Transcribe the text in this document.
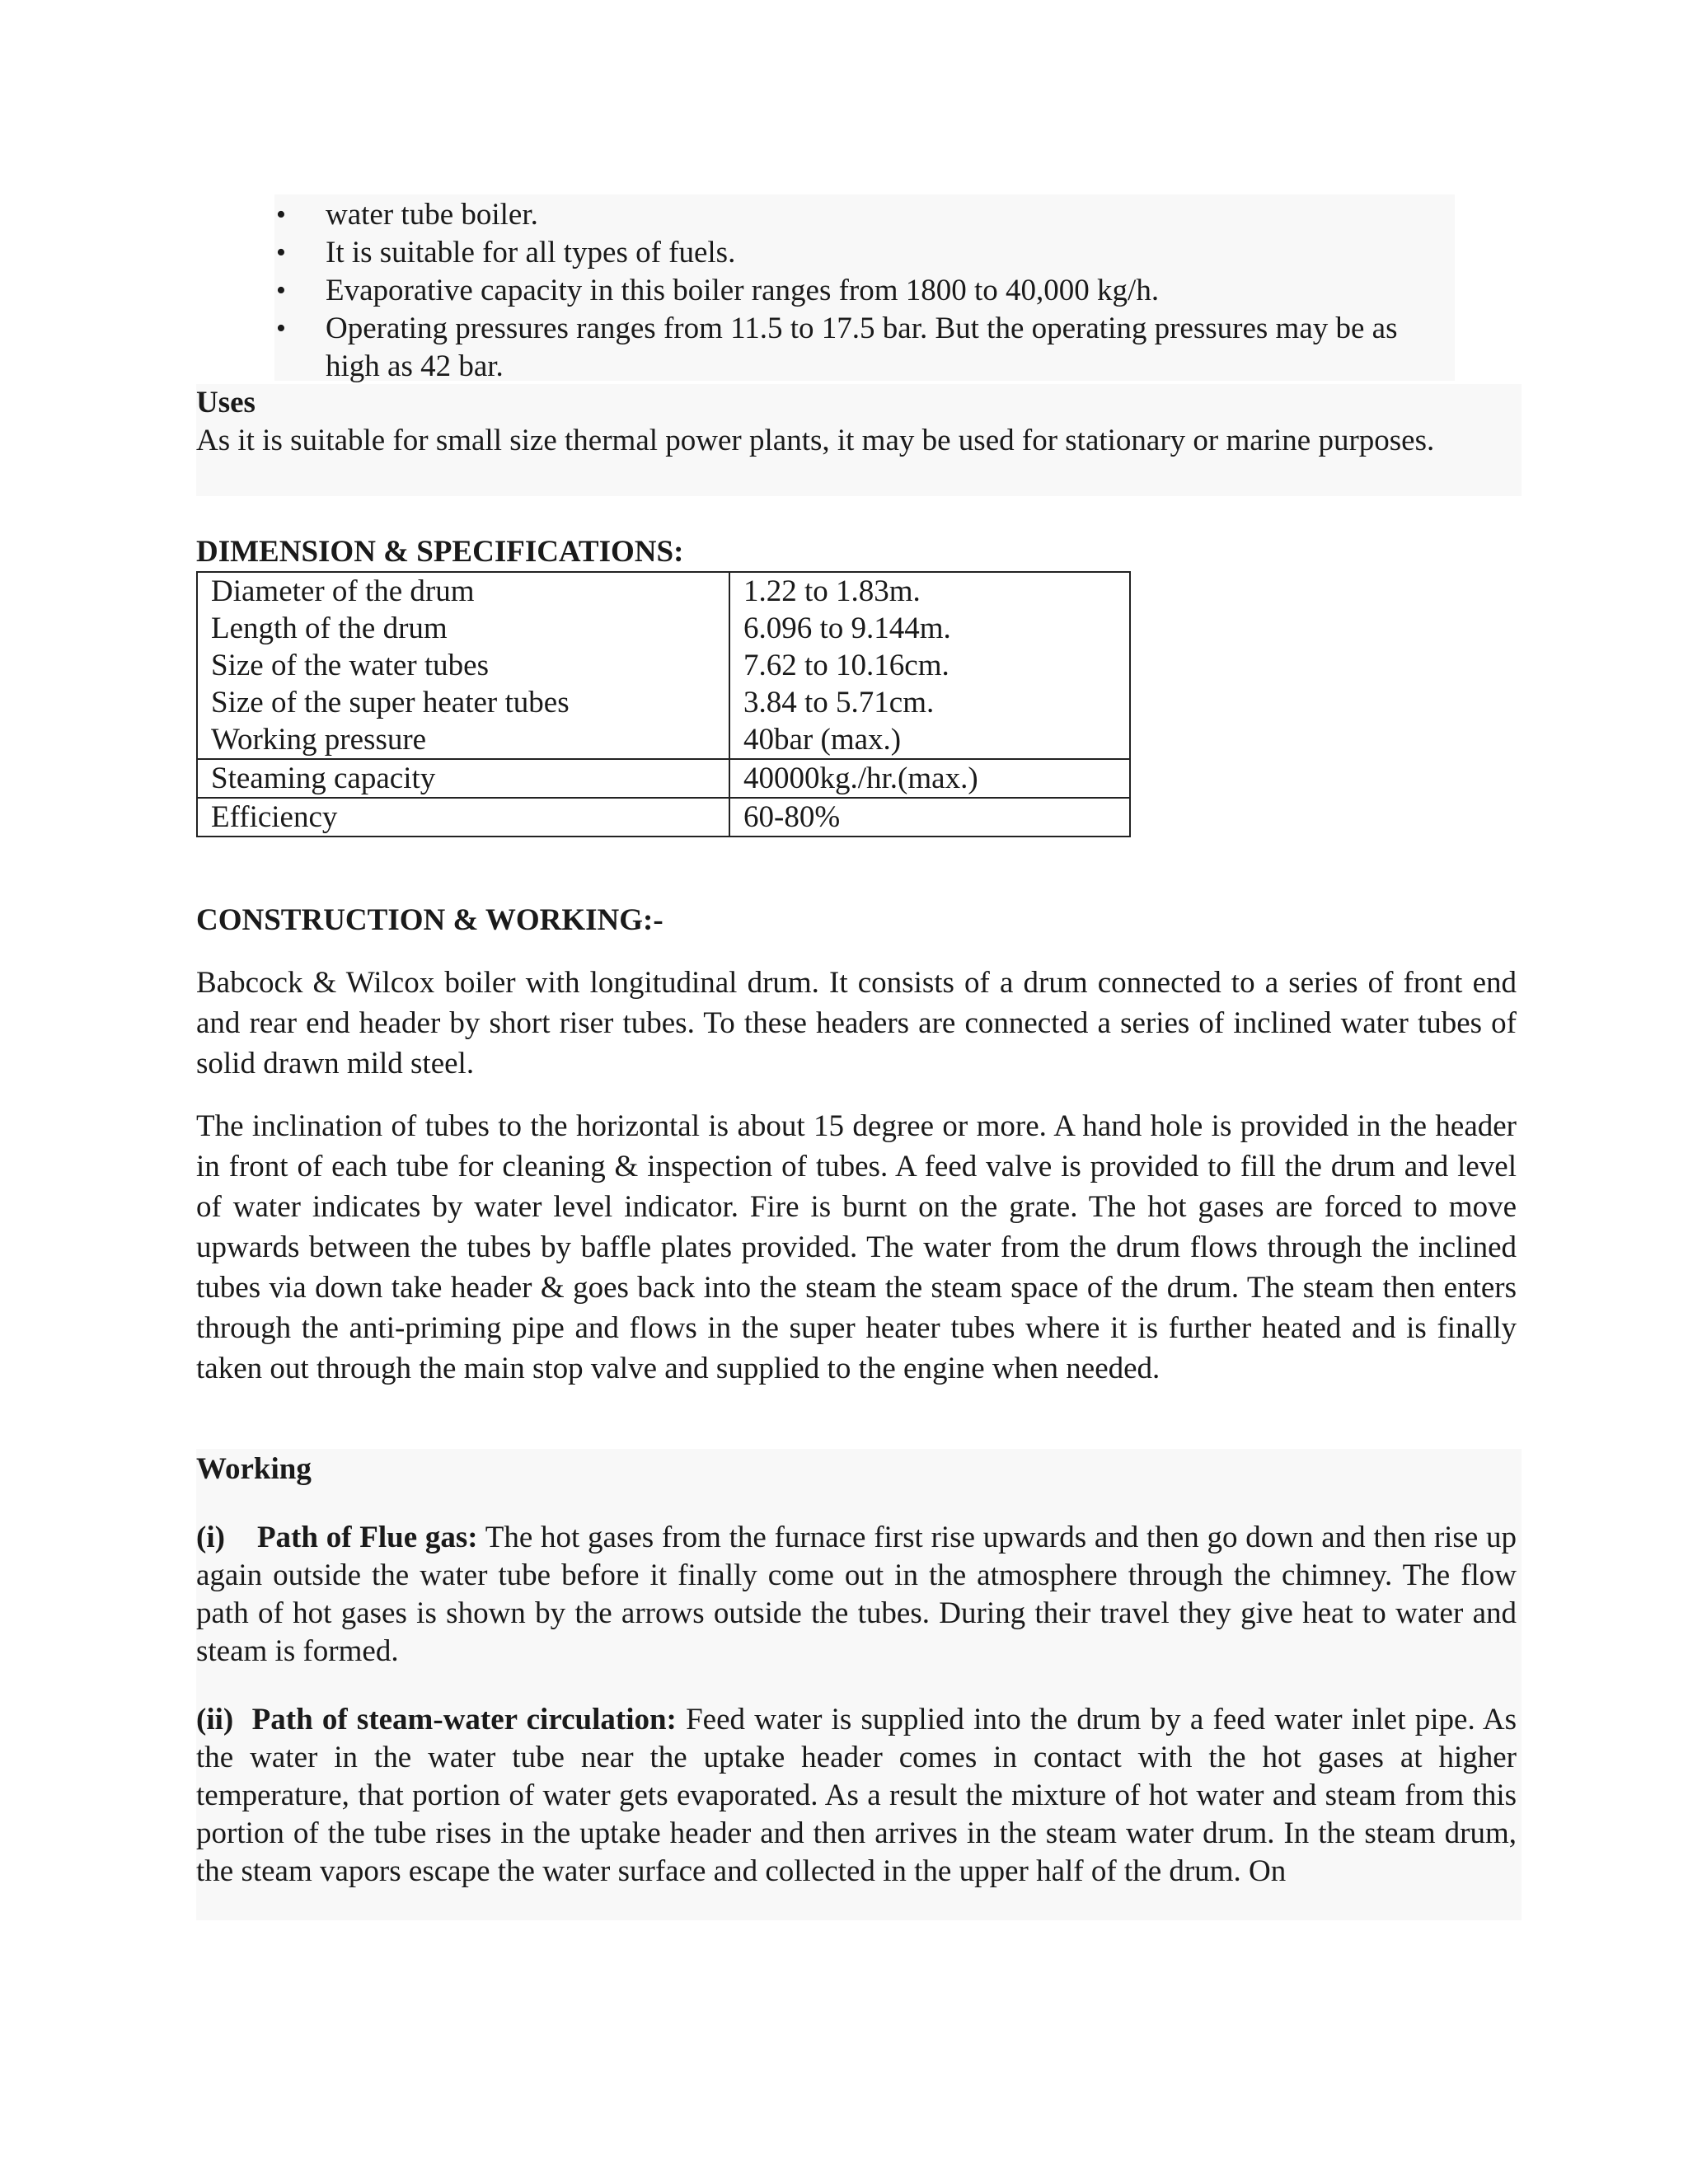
• water tube boiler.
• It is suitable for all types of fuels.
• Evaporative capacity in this boiler ranges from 1800 to 40,000 kg/h.
• Operating pressures ranges from 11.5 to 17.5 bar. But the operating pressures may be as high as 42 bar.
Uses
As it is suitable for small size thermal power plants, it may be used for stationary or marine purposes.
DIMENSION & SPECIFICATIONS:
Diameter of the drum	1.22 to 1.83m.
Length of the drum	6.096 to 9.144m.
Size of the water tubes	7.62 to 10.16cm.
Size of the super heater tubes	3.84 to 5.71cm.
Working pressure	40bar (max.)
Steaming capacity	40000kg./hr.(max.)
Efficiency	60-80%
CONSTRUCTION & WORKING:-
Babcock & Wilcox boiler with longitudinal drum. It consists of a drum connected to a series of front end and rear end header by short riser tubes. To these headers are connected a series of inclined water tubes of solid drawn mild steel.
The inclination of tubes to the horizontal is about 15 degree or more. A hand hole is provided in the header in front of each tube for cleaning & inspection of tubes. A feed valve is provided to fill the drum and level of water indicates by water level indicator. Fire is burnt on the grate. The hot gases are forced to move upwards between the tubes by baffle plates provided. The water from the drum flows through the inclined tubes via down take header & goes back into the steam the steam space of the drum. The steam then enters through the anti-priming pipe and flows in the super heater tubes where it is further heated and is finally taken out through the main stop valve and supplied to the engine when needed.
Working
(i) Path of Flue gas: The hot gases from the furnace first rise upwards and then go down and then rise up again outside the water tube before it finally come out in the atmosphere through the chimney. The flow path of hot gases is shown by the arrows outside the tubes. During their travel they give heat to water and steam is formed.
(ii) Path of steam-water circulation: Feed water is supplied into the drum by a feed water inlet pipe. As the water in the water tube near the uptake header comes in contact with the hot gases at higher temperature, that portion of water gets evaporated. As a result the mixture of hot water and steam from this portion of the tube rises in the uptake header and then arrives in the steam water drum. In the steam drum, the steam vapors escape the water surface and collected in the upper half of the drum. On
